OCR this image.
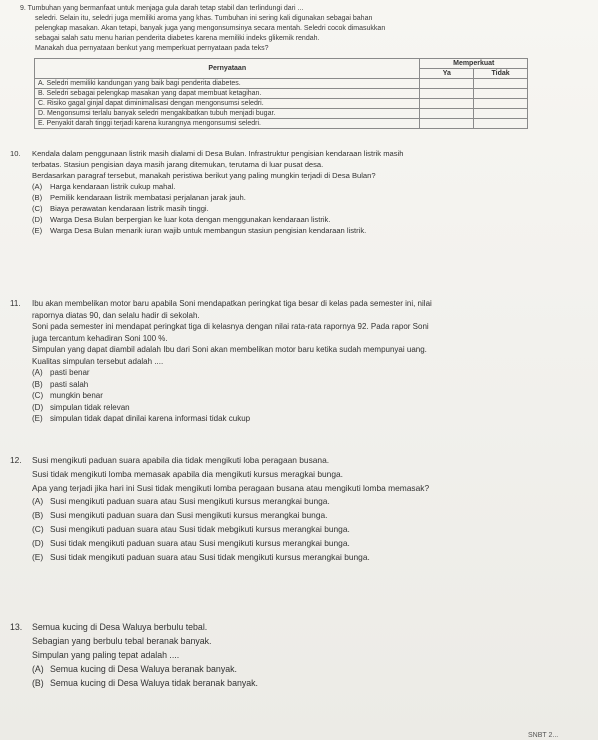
9. Tumbuhan yang bermanfaat untuk menjaga gula darah tetap stabil dan terlindungi dari ...

seledri. Selain itu, seledri juga memiliki aroma yang khas. Tumbuhan ini sering kali digunakan sebagai bahan

pelengkap masakan. Akan tetapi, banyak juga yang mengonsumsinya secara mentah. Seledri cocok dimasukkan

sebagai salah satu menu harian penderita diabetes karena memiliki indeks glikemik rendah.

Manakah dua pernyataan benkut yang memperkuat pernyataan pada teks?

Pernyataan	Memperkuat	
	Ya	Tidak
A. Seledri memiliki kandungan yang baik bagi penderita diabetes.		
B. Seledri sebagai pelengkap masakan yang dapat membuat ketagihan.		
C. Risiko gagal ginjal dapat diminimalisasi dengan mengonsumsi seledri.		
D. Mengonsumsi terlalu banyak seledri mengakibatkan tubuh menjadi bugar.		
E. Penyakit darah tinggi terjadi karena kurangnya mengonsumsi seledri.		
10. Kendala dalam penggunaan listrik masih dialami di Desa Bulan. Infrastruktur pengisian kendaraan listrik masih
terbatas. Stasiun pengisian daya masih jarang ditemukan, terutama di luar pusat desa.
Berdasarkan paragraf tersebut, manakah peristiwa berikut yang paling mungkin terjadi di Desa Bulan?
(A) Harga kendaraan listrik cukup mahal.
(B) Pemilik kendaraan listrik membatasi perjalanan jarak jauh.
(C) Biaya perawatan kendaraan listrik masih tinggi.
(D) Warga Desa Bulan berpergian ke luar kota dengan menggunakan kendaraan listrik.
(E) Warga Desa Bulan menarik iuran wajib untuk membangun stasiun pengisian kendaraan listrik.
11. Ibu akan membelikan motor baru apabila Soni mendapatkan peringkat tiga besar di kelas pada semester ini, nilai
rapornya diatas 90, dan selalu hadir di sekolah.
Soni pada semester ini mendapat peringkat tiga di kelasnya dengan nilai rata-rata rapornya 92. Pada rapor Soni
juga tercantum kehadiran Soni 100 %.
Simpulan yang dapat diambil adalah Ibu dari Soni akan membelikan motor baru ketika sudah mempunyai uang.
Kualitas simpulan tersebut adalah ....
(A) pasti benar
(B) pasti salah
(C) mungkin benar
(D) simpulan tidak relevan
(E) simpulan tidak dapat dinilai karena informasi tidak cukup
12. Susi mengikuti paduan suara apabila dia tidak mengikuti loba peragaan busana.
Susi tidak mengikuti lomba memasak apabila dia mengikuti kursus meragkai bunga.
Apa yang terjadi jika hari ini Susi tidak mengikuti lomba peragaan busana atau mengikuti lomba memasak?
(A) Susi mengikuti paduan suara atau Susi mengikuti kursus merangkai bunga.
(B) Susi mengikuti paduan suara dan Susi mengikuti kursus merangkai bunga.
(C) Susi mengikuti paduan suara atau Susi tidak mebgikuti kursus merangkai bunga.
(D) Susi tidak mengikuti paduan suara atau Susi mengikuti kursus merangkai bunga.
(E) Susi tidak mengikuti paduan suara atau Susi tidak mengikuti kursus merangkai bunga.
13. Semua kucing di Desa Waluya berbulu tebal.
Sebagian yang berbulu tebal beranak banyak.
Simpulan yang paling tepat adalah ....
(A) Semua kucing di Desa Waluya beranak banyak.
(B) Semua kucing di Desa Waluya tidak beranak banyak.
SNBT 2...
